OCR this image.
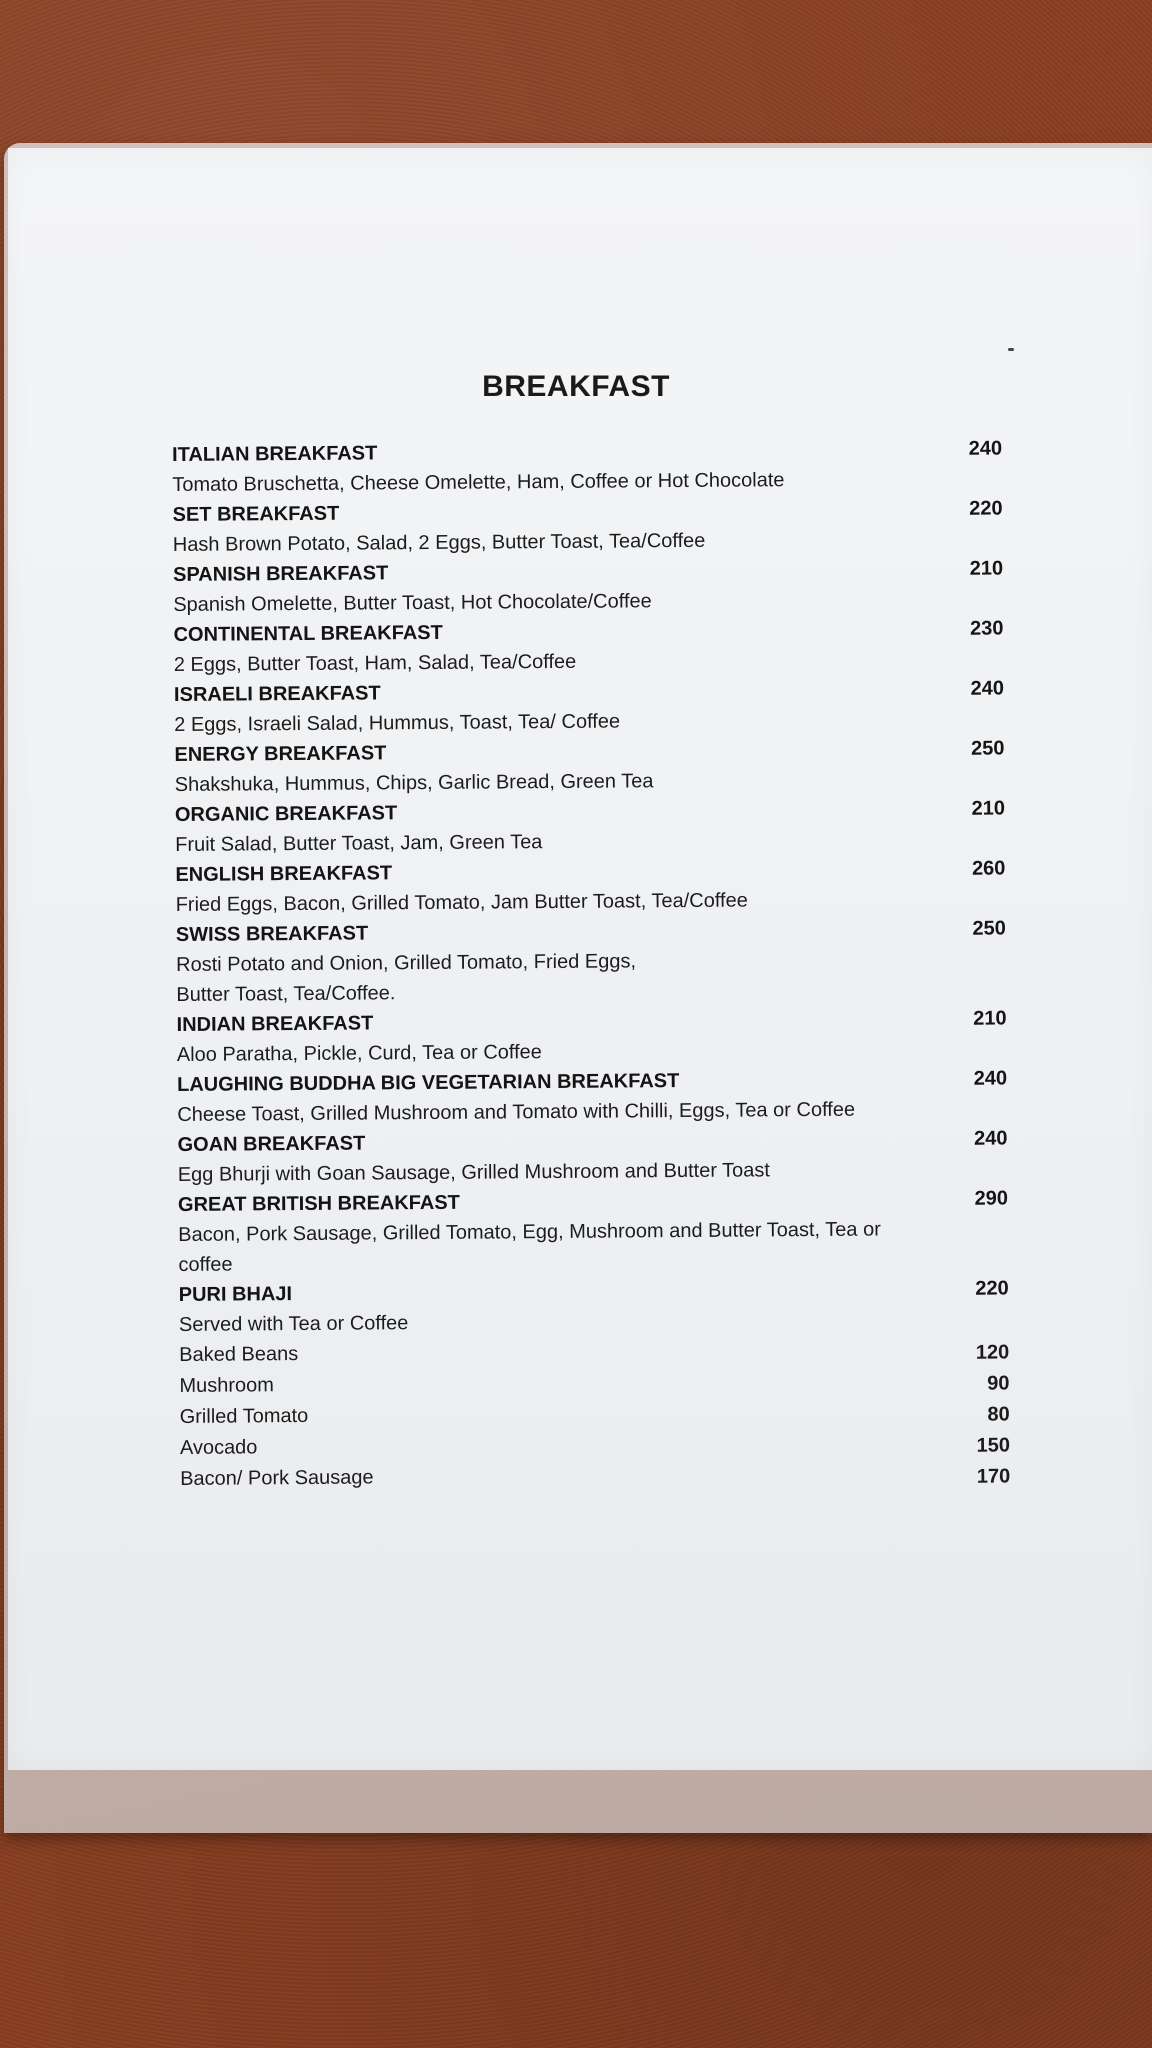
BREAKFAST
ITALIAN BREAKFAST	240
Tomato Bruschetta, Cheese Omelette, Ham, Coffee or Hot Chocolate
SET BREAKFAST	220
Hash Brown Potato, Salad, 2 Eggs, Butter Toast, Tea/Coffee
SPANISH BREAKFAST	210
Spanish Omelette, Butter Toast, Hot Chocolate/Coffee
CONTINENTAL BREAKFAST	230
2 Eggs, Butter Toast, Ham, Salad, Tea/Coffee
ISRAELI BREAKFAST	240
2 Eggs, Israeli Salad, Hummus, Toast, Tea/ Coffee
ENERGY BREAKFAST	250
Shakshuka, Hummus, Chips, Garlic Bread, Green Tea
ORGANIC BREAKFAST	210
Fruit Salad, Butter Toast, Jam, Green Tea
ENGLISH BREAKFAST	260
Fried Eggs, Bacon, Grilled Tomato, Jam Butter Toast, Tea/Coffee
SWISS BREAKFAST	250
Rosti Potato and Onion, Grilled Tomato, Fried Eggs,
Butter Toast, Tea/Coffee.
INDIAN BREAKFAST	210
Aloo Paratha, Pickle, Curd, Tea or Coffee
LAUGHING BUDDHA BIG VEGETARIAN BREAKFAST	240
Cheese Toast, Grilled Mushroom and Tomato with Chilli, Eggs, Tea or Coffee
GOAN BREAKFAST	240
Egg Bhurji with Goan Sausage, Grilled Mushroom and Butter Toast
GREAT BRITISH BREAKFAST	290
Bacon, Pork Sausage, Grilled Tomato, Egg, Mushroom and Butter Toast, Tea or
coffee
PURI BHAJI	220
Served with Tea or Coffee
Baked Beans	120
Mushroom	90
Grilled Tomato	80
Avocado	150
Bacon/ Pork Sausage	170
